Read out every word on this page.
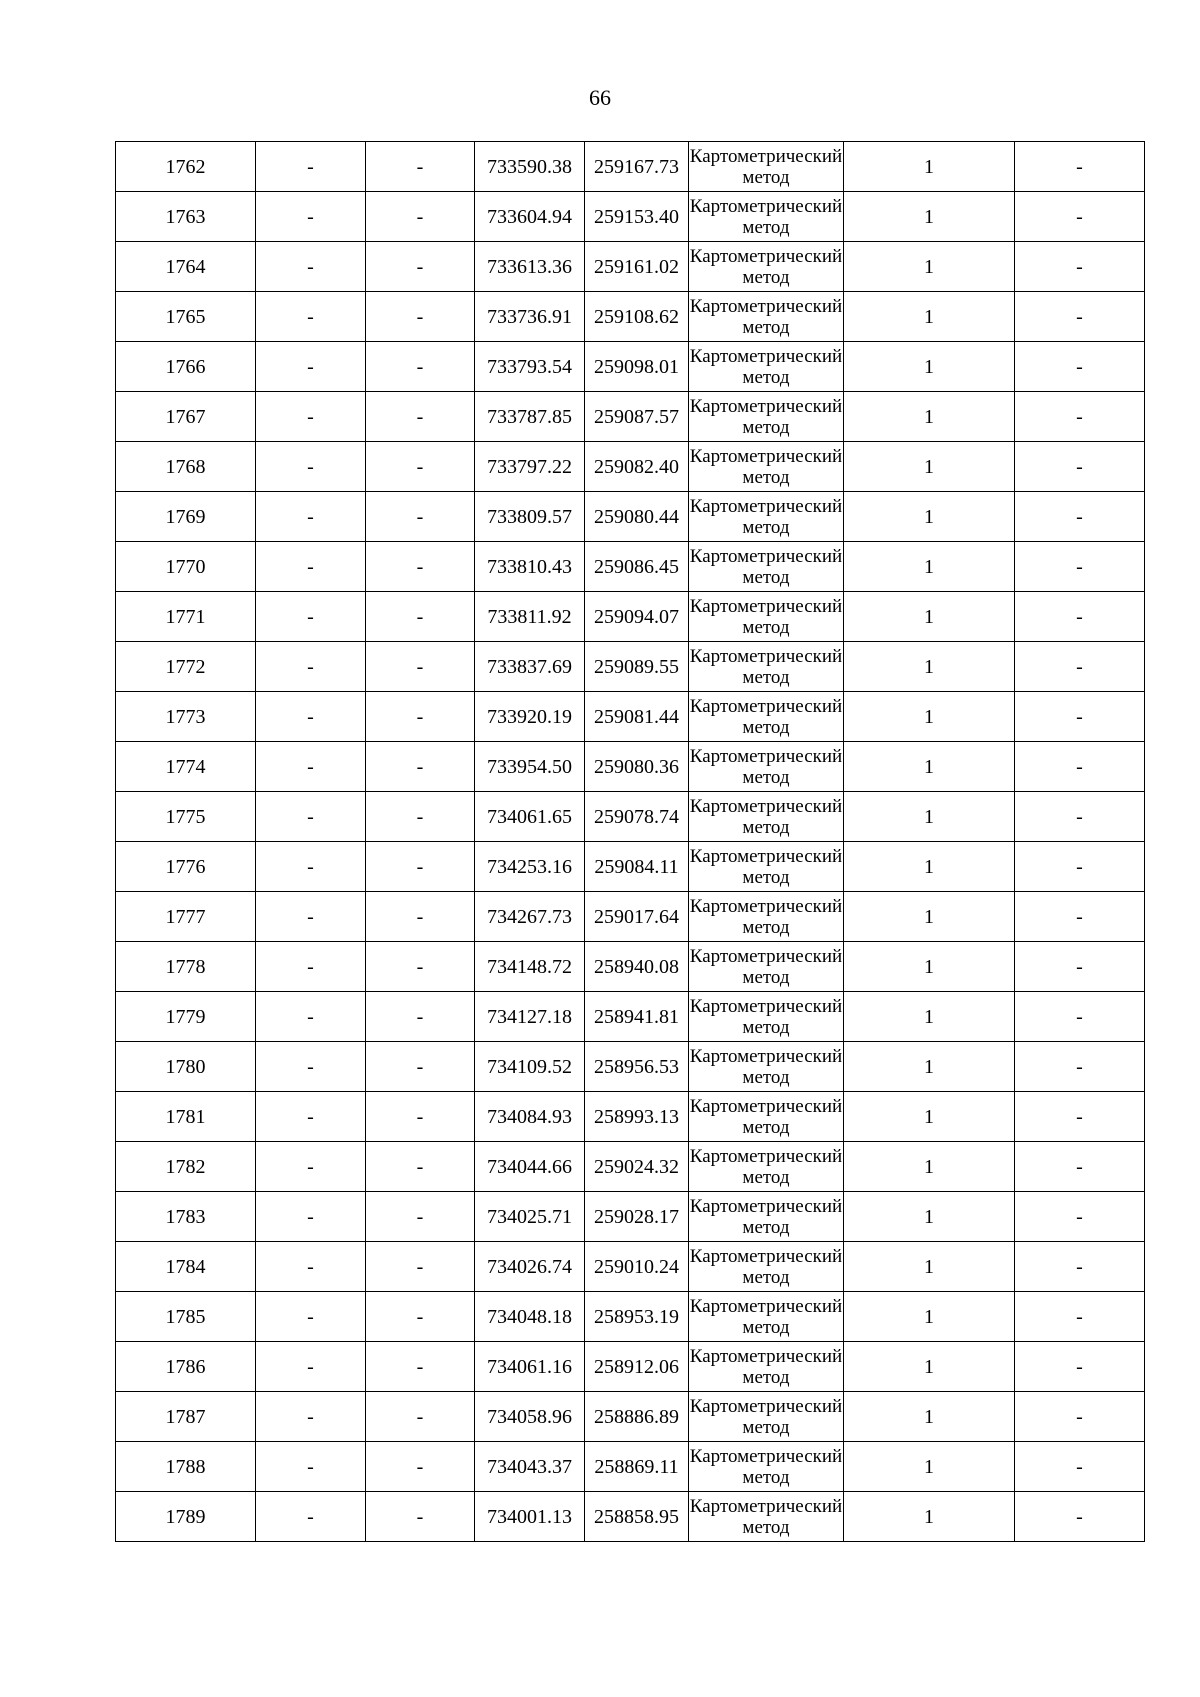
66
1762	-	-	733590.38	259167.73	Картометрический метод	1	-
1763	-	-	733604.94	259153.40	Картометрический метод	1	-
1764	-	-	733613.36	259161.02	Картометрический метод	1	-
1765	-	-	733736.91	259108.62	Картометрический метод	1	-
1766	-	-	733793.54	259098.01	Картометрический метод	1	-
1767	-	-	733787.85	259087.57	Картометрический метод	1	-
1768	-	-	733797.22	259082.40	Картометрический метод	1	-
1769	-	-	733809.57	259080.44	Картометрический метод	1	-
1770	-	-	733810.43	259086.45	Картометрический метод	1	-
1771	-	-	733811.92	259094.07	Картометрический метод	1	-
1772	-	-	733837.69	259089.55	Картометрический метод	1	-
1773	-	-	733920.19	259081.44	Картометрический метод	1	-
1774	-	-	733954.50	259080.36	Картометрический метод	1	-
1775	-	-	734061.65	259078.74	Картометрический метод	1	-
1776	-	-	734253.16	259084.11	Картометрический метод	1	-
1777	-	-	734267.73	259017.64	Картометрический метод	1	-
1778	-	-	734148.72	258940.08	Картометрический метод	1	-
1779	-	-	734127.18	258941.81	Картометрический метод	1	-
1780	-	-	734109.52	258956.53	Картометрический метод	1	-
1781	-	-	734084.93	258993.13	Картометрический метод	1	-
1782	-	-	734044.66	259024.32	Картометрический метод	1	-
1783	-	-	734025.71	259028.17	Картометрический метод	1	-
1784	-	-	734026.74	259010.24	Картометрический метод	1	-
1785	-	-	734048.18	258953.19	Картометрический метод	1	-
1786	-	-	734061.16	258912.06	Картометрический метод	1	-
1787	-	-	734058.96	258886.89	Картометрический метод	1	-
1788	-	-	734043.37	258869.11	Картометрический метод	1	-
1789	-	-	734001.13	258858.95	Картометрический метод	1	-
